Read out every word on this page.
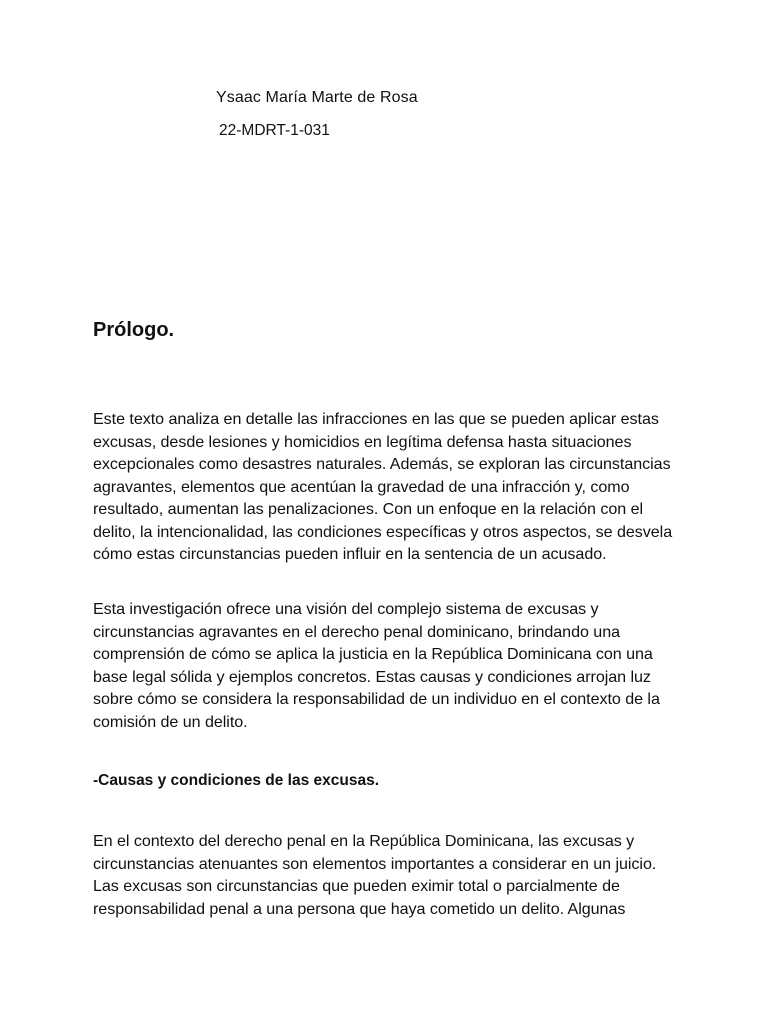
Ysaac María Marte de Rosa
22-MDRT-1-031
Prólogo.

Este texto analiza en detalle las infracciones en las que se pueden aplicar estas excusas, desde lesiones y homicidios en legítima defensa hasta situaciones excepcionales como desastres naturales. Además, se exploran las circunstancias agravantes, elementos que acentúan la gravedad de una infracción y, como resultado, aumentan las penalizaciones. Con un enfoque en la relación con el delito, la intencionalidad, las condiciones específicas y otros aspectos, se desvela cómo estas circunstancias pueden influir en la sentencia de un acusado.

Esta investigación ofrece una visión del complejo sistema de excusas y circunstancias agravantes en el derecho penal dominicano, brindando una comprensión de cómo se aplica la justicia en la República Dominicana con una base legal sólida y ejemplos concretos. Estas causas y condiciones arrojan luz sobre cómo se considera la responsabilidad de un individuo en el contexto de la comisión de un delito.

-Causas y condiciones de las excusas.

En el contexto del derecho penal en la República Dominicana, las excusas y circunstancias atenuantes son elementos importantes a considerar en un juicio. Las excusas son circunstancias que pueden eximir total o parcialmente de responsabilidad penal a una persona que haya cometido un delito. Algunas
